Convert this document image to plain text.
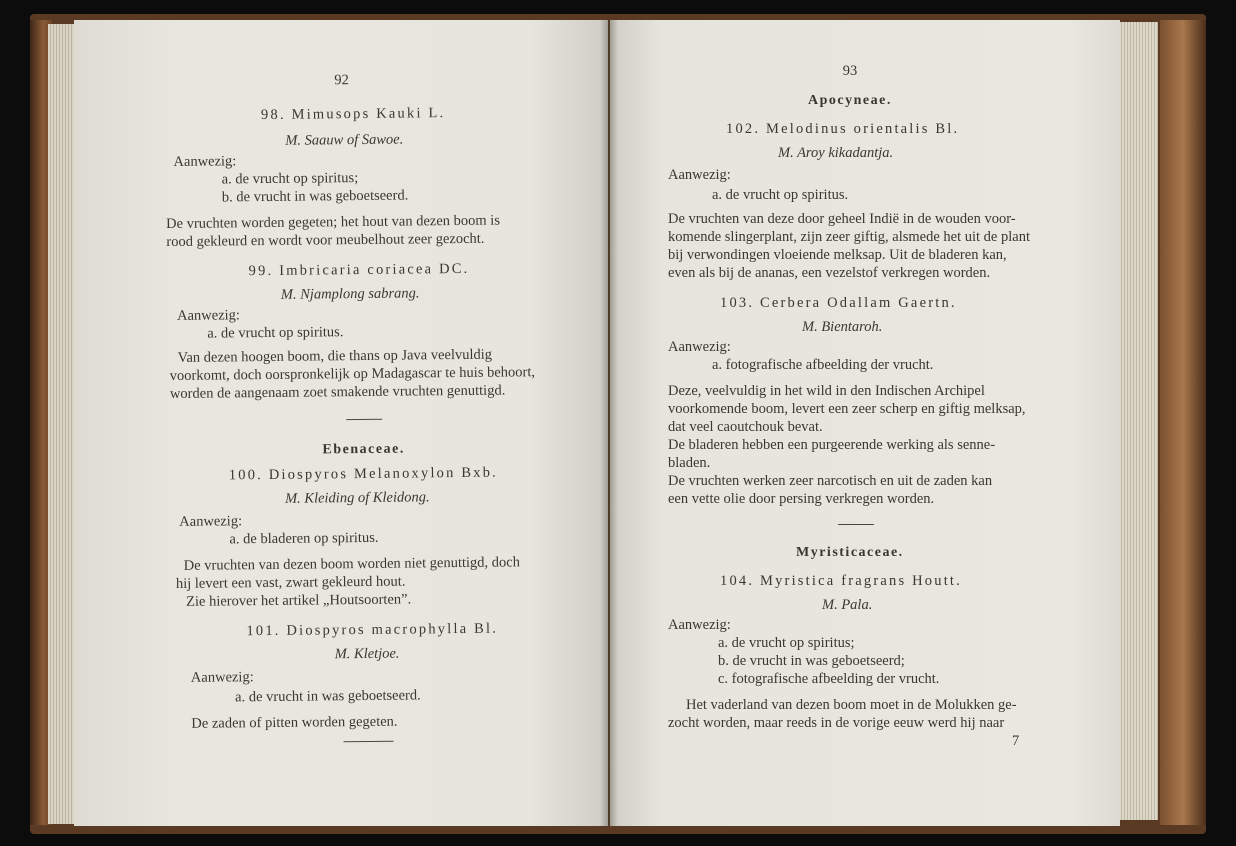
92
98. Mimusops Kauki L.
M. Saauw of Sawoe.
Aanwezig:
a. de vrucht op spiritus;
b. de vrucht in was geboetseerd.
De vruchten worden gegeten; het hout van dezen boom is
rood gekleurd en wordt voor meubelhout zeer gezocht.
99. Imbricaria coriacea DC.
M. Njamplong sabrang.
Aanwezig:
a. de vrucht op spiritus.
Van dezen hoogen boom, die thans op Java veelvuldig
voorkomt, doch oorspronkelijk op Madagascar te huis behoort,
worden de aangenaam zoet smakende vruchten genuttigd.
Ebenaceae.
100. Diospyros Melanoxylon Bxb.
M. Kleiding of Kleidong.
Aanwezig:
a. de bladeren op spiritus.
De vruchten van dezen boom worden niet genuttigd, doch
hij levert een vast, zwart gekleurd hout.
Zie hierover het artikel „Houtsoorten”.
101. Diospyros macrophylla Bl.
M. Kletjoe.
Aanwezig:
a. de vrucht in was geboetseerd.
De zaden of pitten worden gegeten.
93
Apocyneae.
102. Melodinus orientalis Bl.
M. Aroy kikadantja.
Aanwezig:
a. de vrucht op spiritus.
De vruchten van deze door geheel Indië in de wouden voor-
komende slingerplant, zijn zeer giftig, alsmede het uit de plant
bij verwondingen vloeiende melksap. Uit de bladeren kan,
even als bij de ananas, een vezelstof verkregen worden.
103. Cerbera Odallam Gaertn.
M. Bientaroh.
Aanwezig:
a. fotografische afbeelding der vrucht.
Deze, veelvuldig in het wild in den Indischen Archipel
voorkomende boom, levert een zeer scherp en giftig melksap,
dat veel caoutchouk bevat.
De bladeren hebben een purgeerende werking als senne-
bladen.
De vruchten werken zeer narcotisch en uit de zaden kan
een vette olie door persing verkregen worden.
Myristicaceae.
104. Myristica fragrans Houtt.
M. Pala.
Aanwezig:
a. de vrucht op spiritus;
b. de vrucht in was geboetseerd;
c. fotografische afbeelding der vrucht.
Het vaderland van dezen boom moet in de Molukken ge-
zocht worden, maar reeds in de vorige eeuw werd hij naar
7
